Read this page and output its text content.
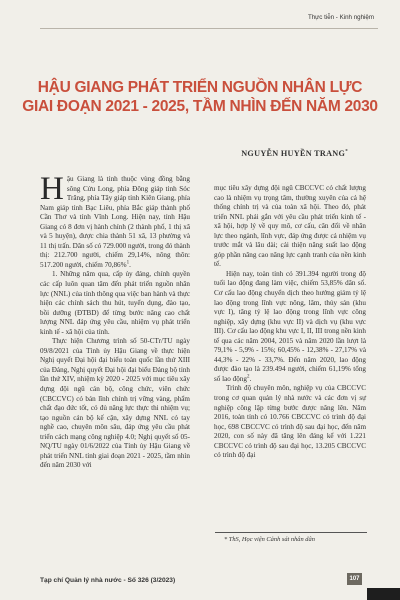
Thực tiễn - Kinh nghiệm
HẬU GIANG PHÁT TRIỂN NGUỒN NHÂN LỰC
GIAI ĐOẠN 2021 - 2025, TẦM NHÌN ĐẾN NĂM 2030
NGUYỄN HUYỀN TRANG*

Hậu Giang là tỉnh thuộc vùng đồng bằng sông Cửu Long, phía Đông giáp tỉnh Sóc Trăng, phía Tây giáp tỉnh Kiên Giang, phía Nam giáp tỉnh Bạc Liêu, phía Bắc giáp thành phố Cần Thơ và tỉnh Vĩnh Long. Hiện nay, tỉnh Hậu Giang có 8 đơn vị hành chính (2 thành phố, 1 thị xã và 5 huyện), được chia thành 51 xã, 13 phường và 11 thị trấn. Dân số có 729.000 người, trong đó thành thị: 212.700 người, chiếm 29,14%, nông thôn: 517.200 người, chiếm 70,86%$^1$.

1. Những năm qua, cấp ủy đảng, chính quyền các cấp luôn quan tâm đến phát triển nguồn nhân lực (NNL) của tỉnh thông qua việc ban hành và thực hiện các chính sách thu hút, tuyển dụng, đào tạo, bồi dưỡng (ĐTBD) để từng bước nâng cao chất lượng NNL đáp ứng yêu cầu, nhiệm vụ phát triển kinh tế - xã hội của tỉnh.

Thực hiện Chương trình số 50-CTr/TU ngày 09/8/2021 của Tỉnh ủy Hậu Giang về thực hiện Nghị quyết Đại hội đại biểu toàn quốc lần thứ XIII của Đảng, Nghị quyết Đại hội đại biểu Đảng bộ tỉnh lần thứ XIV, nhiệm kỳ 2020 - 2025 với mục tiêu xây dựng đội ngũ cán bộ, công chức, viên chức (CBCCVC) có bản lĩnh chính trị vững vàng, phẩm chất đạo đức tốt, có đủ năng lực thực thi nhiệm vụ; tạo nguồn cán bộ kế cận, xây dựng NNL có tay nghề cao, chuyên môn sâu, đáp ứng yêu cầu phát triển cách mạng công nghiệp 4.0; Nghị quyết số 05-NQ/TU ngày 01/6/2022 của Tỉnh ủy Hậu Giang về phát triển NNL tỉnh giai đoạn 2021 - 2025, tầm nhìn đến năm 2030 với

mục tiêu xây dựng đội ngũ CBCCVC có chất lượng cao là nhiệm vụ trọng tâm, thường xuyên của cả hệ thống chính trị và của toàn xã hội. Theo đó, phát triển NNL phải gắn với yêu cầu phát triển kinh tế - xã hội, hợp lý về quy mô, cơ cấu, cân đối về nhân lực theo ngành, lĩnh vực, đáp ứng được cả nhiệm vụ trước mắt và lâu dài; cải thiện năng suất lao động góp phần nâng cao năng lực cạnh tranh của nền kinh tế.

Hiện nay, toàn tỉnh có 391.394 người trong độ tuổi lao động đang làm việc, chiếm 53,85% dân số. Cơ cấu lao động chuyển dịch theo hướng giảm tỷ lệ lao động trong lĩnh vực nông, lâm, thủy sản (khu vực I), tăng tỷ lệ lao động trong lĩnh vực công nghiệp, xây dựng (khu vực II) và dịch vụ (khu vực III). Cơ cấu lao động khu vực I, II, III trong nền kinh tế qua các năm 2004, 2015 và năm 2020 lần lượt là 79,1% - 5,9% - 15%; 60,45% - 12,38% - 27,17% và 44,3% - 22% - 33,7%. Đến năm 2020, lao động được đào tạo là 239.494 người, chiếm 61,19% tổng số lao động$^2$.

Trình độ chuyên môn, nghiệp vụ của CBCCVC trong cơ quan quản lý nhà nước và các đơn vị sự nghiệp công lập từng bước được nâng lên. Năm 2016, toàn tỉnh có 10.766 CBCCVC có trình độ đại học, 698 CBCCVC có trình độ sau đại học, đến năm 2020, con số này đã tăng lên đáng kể với 1.221 CBCCVC có trình độ sau đại học, 13.205 CBCCVC có trình độ đại

* ThS, Học viện Cảnh sát nhân dân
Tạp chí Quản lý nhà nước - Số 326 (3/2023)	107
